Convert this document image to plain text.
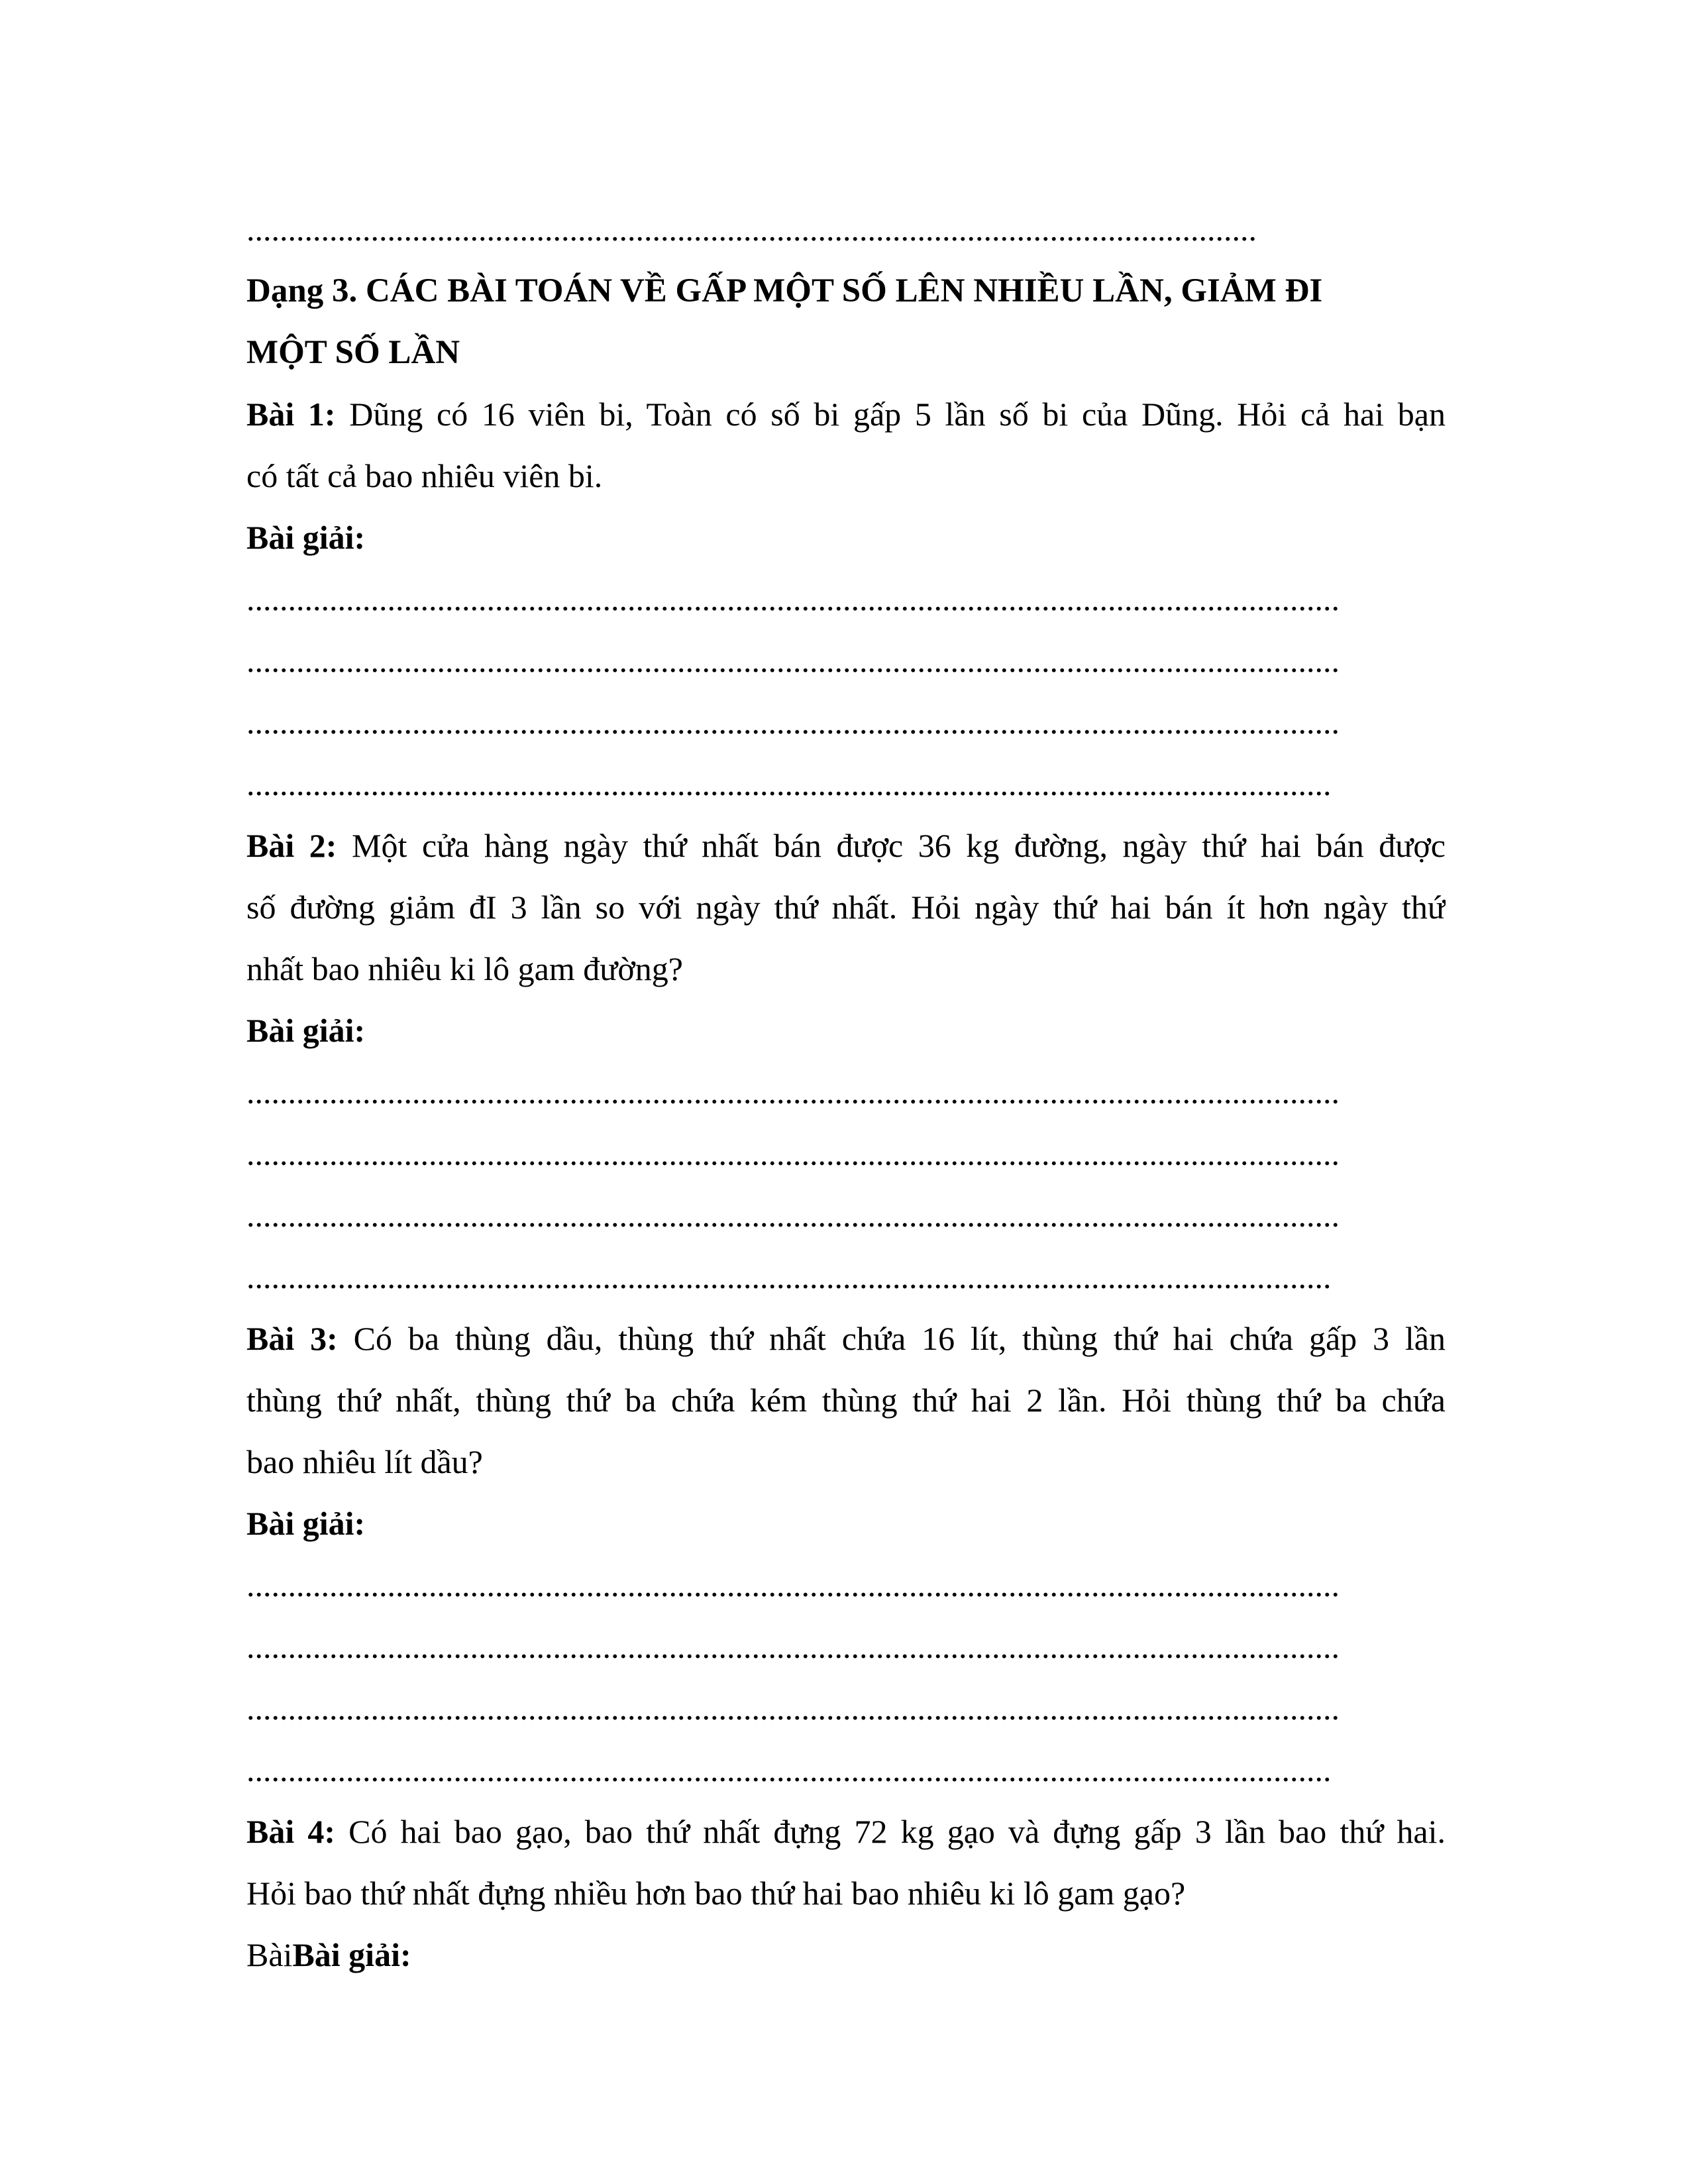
..........................................................................................................................
Dạng 3. CÁC BÀI TOÁN VỀ GẤP MỘT SỐ LÊN NHIỀU LẦN, GIẢM ĐI
MỘT SỐ LẦN
Bài 1: Dũng có 16 viên bi, Toàn có số bi gấp 5 lần số bi của Dũng. Hỏi cả hai bạn
có tất cả bao nhiêu viên bi.
Bài giải:
....................................................................................................................................
....................................................................................................................................
....................................................................................................................................
...................................................................................................................................
Bài 2: Một cửa hàng ngày thứ nhất bán được 36 kg đường, ngày thứ hai bán được
số đường giảm đI 3 lần so với ngày thứ nhất. Hỏi ngày thứ hai bán ít hơn ngày thứ
nhất bao nhiêu ki lô gam đường?
Bài giải:
....................................................................................................................................
....................................................................................................................................
....................................................................................................................................
...................................................................................................................................
Bài 3: Có ba thùng dầu, thùng thứ nhất chứa 16 lít, thùng thứ hai chứa gấp 3 lần
thùng thứ nhất, thùng thứ ba chứa kém thùng thứ hai 2 lần. Hỏi thùng thứ ba chứa
bao nhiêu lít dầu?
Bài giải:
....................................................................................................................................
....................................................................................................................................
....................................................................................................................................
...................................................................................................................................
Bài 4: Có hai bao gạo, bao thứ nhất đựng 72 kg gạo và đựng gấp 3 lần bao thứ hai.
Hỏi bao thứ nhất đựng nhiều hơn bao thứ hai bao nhiêu ki lô gam gạo?
BàiBài giải:
